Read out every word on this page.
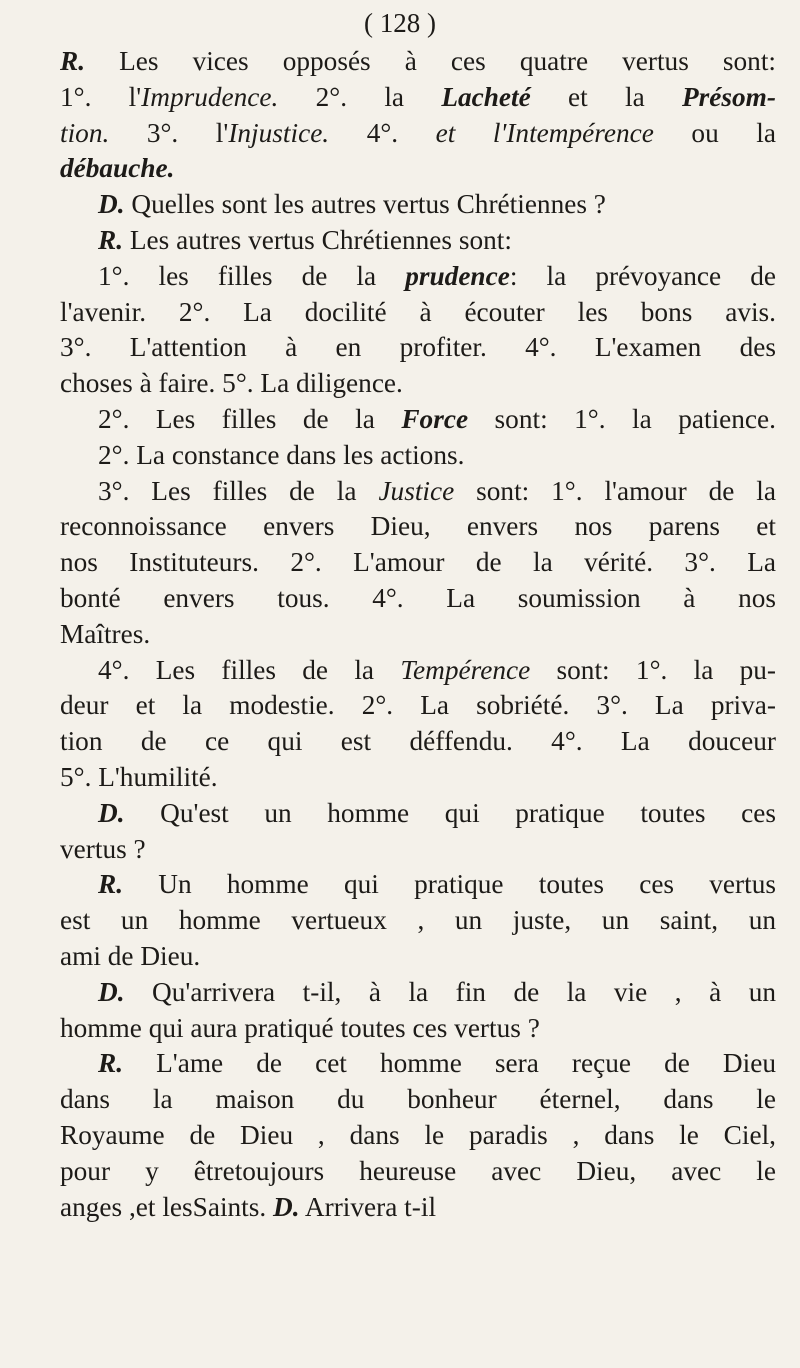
( 128 )
R. Les vices opposés à ces quatre vertus sont:
1°. l'Imprudence. 2°. la Lacheté et la Présom-
tion. 3°. l'Injustice. 4°. et l'Intempérence ou la
débauche.
D. Quelles sont les autres vertus Chrétiennes ?
R. Les autres vertus Chrétiennes sont:
1°. les filles de la prudence: la prévoyance de
l'avenir. 2°. La docilité à écouter les bons avis.
3°. L'attention à en profiter. 4°. L'examen des
choses à faire. 5°. La diligence.
2°. Les filles de la Force sont: 1°. la patience.
2°. La constance dans les actions.
3°. Les filles de la Justice sont: 1°. l'amour de la
reconnoissance envers Dieu, envers nos parens et
nos Instituteurs. 2°. L'amour de la vérité. 3°. La
bonté envers tous. 4°. La soumission à nos
Maîtres.
4°. Les filles de la Tempérence sont: 1°. la pu-
deur et la modestie. 2°. La sobriété. 3°. La priva-
tion de ce qui est déffendu. 4°. La douceur
5°. L'humilité.
D. Qu'est un homme qui pratique toutes ces
vertus ?
R. Un homme qui pratique toutes ces vertus
est un homme vertueux , un juste, un saint, un
ami de Dieu.
D. Qu'arrivera t-il, à la fin de la vie , à un
homme qui aura pratiqué toutes ces vertus ?
R. L'ame de cet homme sera reçue de Dieu
dans la maison du bonheur éternel, dans le
Royaume de Dieu , dans le paradis , dans le Ciel,
pour y êtretoujours heureuse avec Dieu, avec le
anges ,et lesSaints. D. Arrivera t-il
